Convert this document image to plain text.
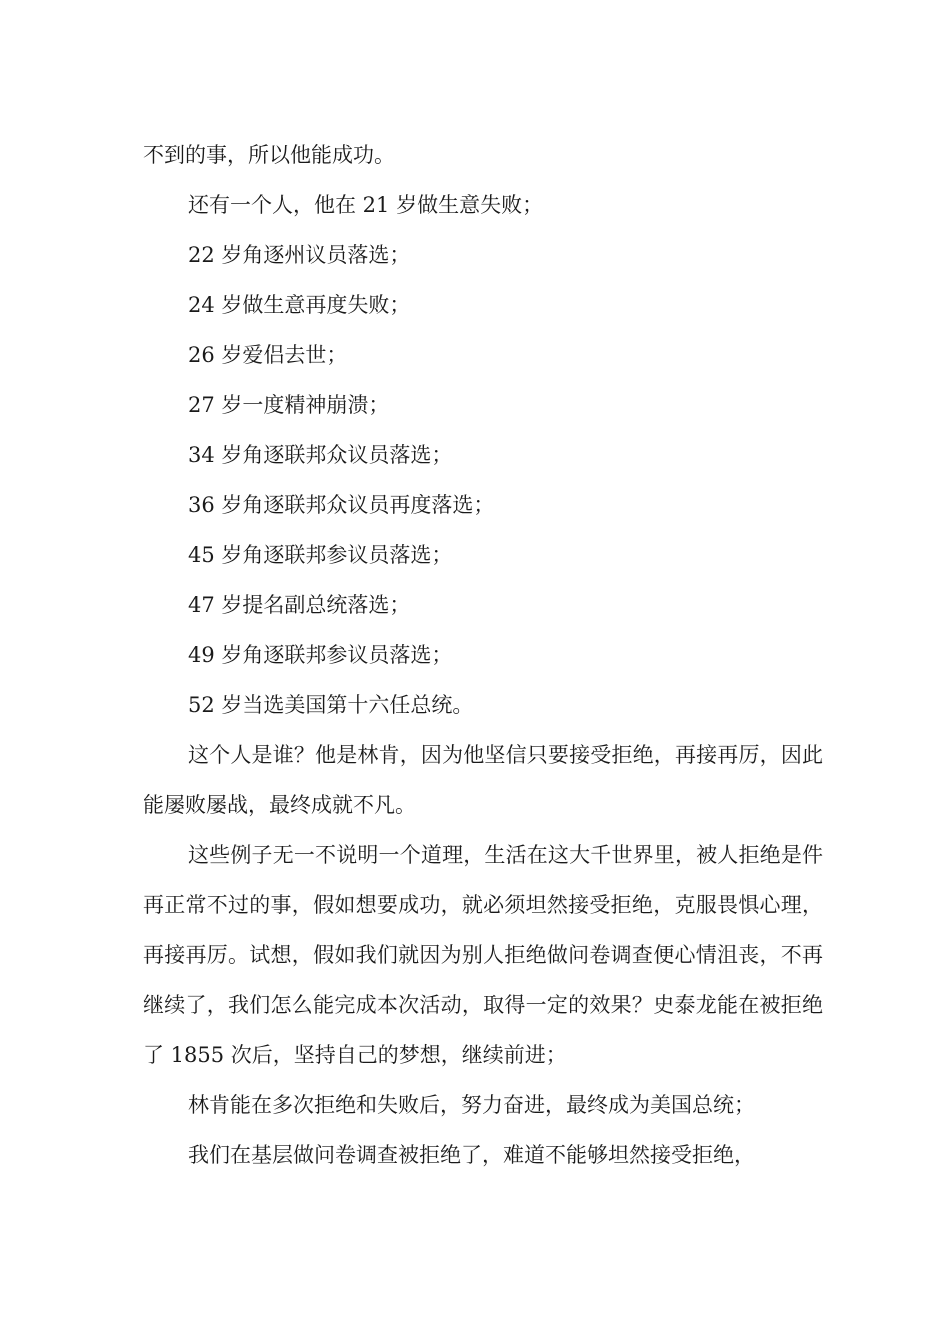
不到的事，所以他能成功。

还有一个人，他在 21 岁做生意失败；

22 岁角逐州议员落选；

24 岁做生意再度失败；

26 岁爱侣去世；

27 岁一度精神崩溃；

34 岁角逐联邦众议员落选；

36 岁角逐联邦众议员再度落选；

45 岁角逐联邦参议员落选；

47 岁提名副总统落选；

49 岁角逐联邦参议员落选；

52 岁当选美国第十六任总统。

这个人是谁？他是林肯，因为他坚信只要接受拒绝，再接再厉，因此能屡败屡战，最终成就不凡。

这些例子无一不说明一个道理，生活在这大千世界里，被人拒绝是件再正常不过的事，假如想要成功，就必须坦然接受拒绝，克服畏惧心理，再接再厉。试想，假如我们就因为别人拒绝做问卷调查便心情沮丧，不再继续了，我们怎么能完成本次活动，取得一定的效果？史泰龙能在被拒绝了 1855 次后，坚持自己的梦想，继续前进；

林肯能在多次拒绝和失败后，努力奋进，最终成为美国总统；

我们在基层做问卷调查被拒绝了，难道不能够坦然接受拒绝，
